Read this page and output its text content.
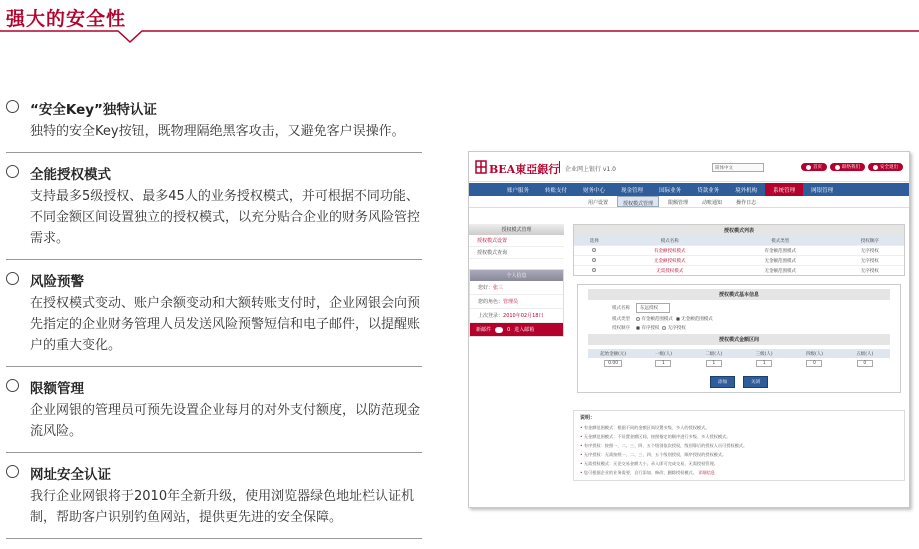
强大的安全性
“安全Key”独特认证

独特的安全Key按钮，既物理隔绝黑客攻击，又避免客户误操作。

全能授权模式

支持最多5级授权、最多45人的业务授权模式，并可根据不同功能、不同金额区间设置独立的授权模式，以充分贴合企业的财务风险管控需求。

风险预警

在授权模式变动、账户余额变动和大额转账支付时，企业网银会向预先指定的企业财务管理人员发送风险预警短信和电子邮件，以提醒账户的重大变化。

限额管理

企业网银的管理员可预先设置企业每月的对外支付额度，以防范现金流风险。

网址安全认证

我行企业网银将于2010年全新升级，使用浏览器绿色地址栏认证机制，帮助客户识别钓鱼网站，提供更先进的安全保障。

BEA東亞銀行 企业网上银行 v1.0	简体中文	首页	联络我们	安全退出
账户服务	转账支付	财务中心	现金管理	国际业务	贷款业务	境外机构	系统管理	网银管理
用户设置	授权模式管理	限额管理	动账通知	操作日志
授权模式管理
授权模式设置
授权模式查询
个人信息
您好：张三
您的角色：管理员
上次登录：2010年02月18日
新邮件	0 进入邮箱
授权模式列表
选择	模式名称	模式类型	授权顺序
	有金额授权模式	有金额范围模式	无序授权
	无金额授权模式	无金额范围模式	无序授权
	无需授权模式	无金额范围模式	无序授权
授权模式基本信息
模式名称	东远授权
模式类型
	有金额范围模式

无金额范围模式
授权顺序
	有序授权

无序授权
授权模式金额区间
起始金额(元)	一级(人)	二级(人)	三级(人)	四级(人)	五级(人)
0.00	1	1	1	0	0
添加	关闭
说明：
• 有金额范围模式：根据不同的金额区间设置多级、多人的授权模式。
• 无金额范围模式：不设置金额区间，按照指定的顺序进行多级、多人授权模式。
• 有序授权：按照一、二、三、四、五个级别依次授权，级别靠后的授权人员可授权模式。
• 无序授权：无需按照一、二、三、四、五个级别授权，顺序授权的授权模式。
• 无需授权模式：无论交易金额大小，录入即可完成交易，无需授权管理。
• 您可根据企业的业务需要，自行添加、修改、删除授权模式。 详细信息
